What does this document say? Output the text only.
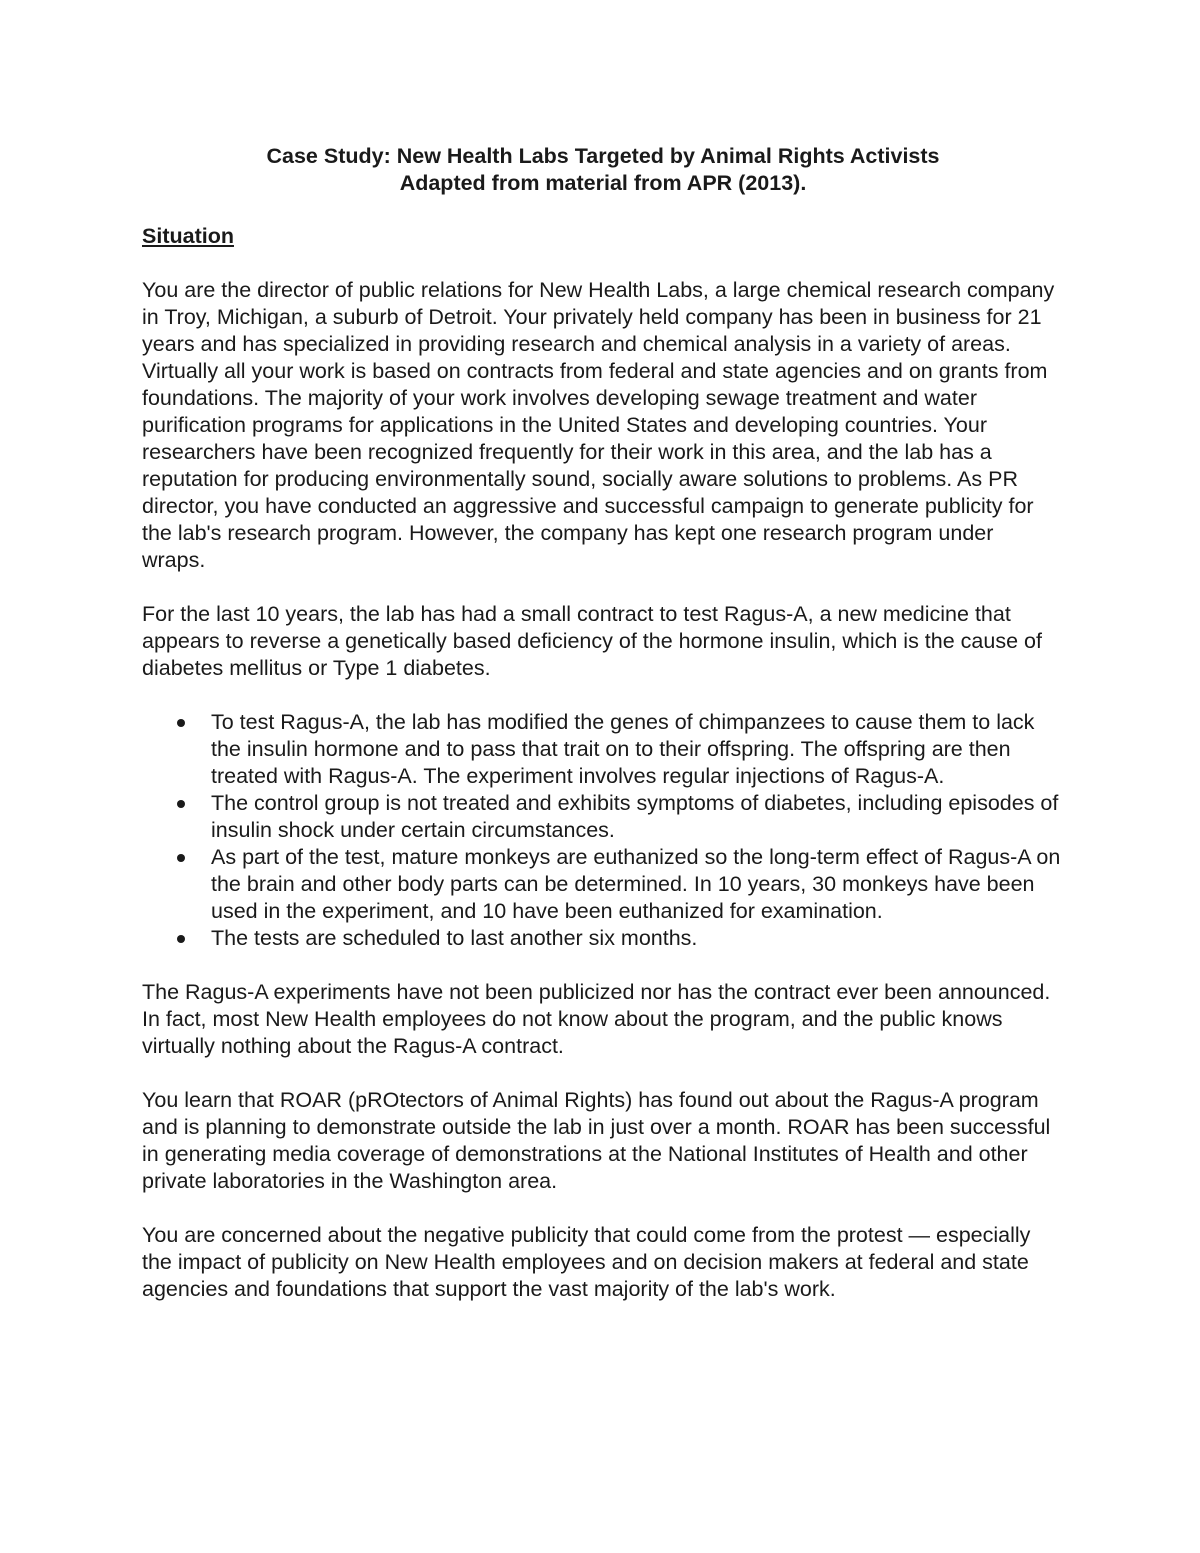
Case Study: New Health Labs Targeted by Animal Rights Activists
Adapted from material from APR (2013).
Situation

You are the director of public relations for New Health Labs, a large chemical research company in Troy, Michigan, a suburb of Detroit. Your privately held company has been in business for 21 years and has specialized in providing research and chemical analysis in a variety of areas. Virtually all your work is based on contracts from federal and state agencies and on grants from foundations. The majority of your work involves developing sewage treatment and water purification programs for applications in the United States and developing countries. Your researchers have been recognized frequently for their work in this area, and the lab has a reputation for producing environmentally sound, socially aware solutions to problems. As PR director, you have conducted an aggressive and successful campaign to generate publicity for the lab's research program. However, the company has kept one research program under wraps.

For the last 10 years, the lab has had a small contract to test Ragus-A, a new medicine that appears to reverse a genetically based deficiency of the hormone insulin, which is the cause of diabetes mellitus or Type 1 diabetes.

To test Ragus-A, the lab has modified the genes of chimpanzees to cause them to lack the insulin hormone and to pass that trait on to their offspring. The offspring are then treated with Ragus-A. The experiment involves regular injections of Ragus-A.
The control group is not treated and exhibits symptoms of diabetes, including episodes of insulin shock under certain circumstances.
As part of the test, mature monkeys are euthanized so the long-term effect of Ragus-A on the brain and other body parts can be determined. In 10 years, 30 monkeys have been used in the experiment, and 10 have been euthanized for examination.
The tests are scheduled to last another six months.

The Ragus-A experiments have not been publicized nor has the contract ever been announced. In fact, most New Health employees do not know about the program, and the public knows virtually nothing about the Ragus-A contract.

You learn that ROAR (pROtectors of Animal Rights) has found out about the Ragus-A program and is planning to demonstrate outside the lab in just over a month. ROAR has been successful in generating media coverage of demonstrations at the National Institutes of Health and other private laboratories in the Washington area.

You are concerned about the negative publicity that could come from the protest — especially the impact of publicity on New Health employees and on decision makers at federal and state agencies and foundations that support the vast majority of the lab's work.
